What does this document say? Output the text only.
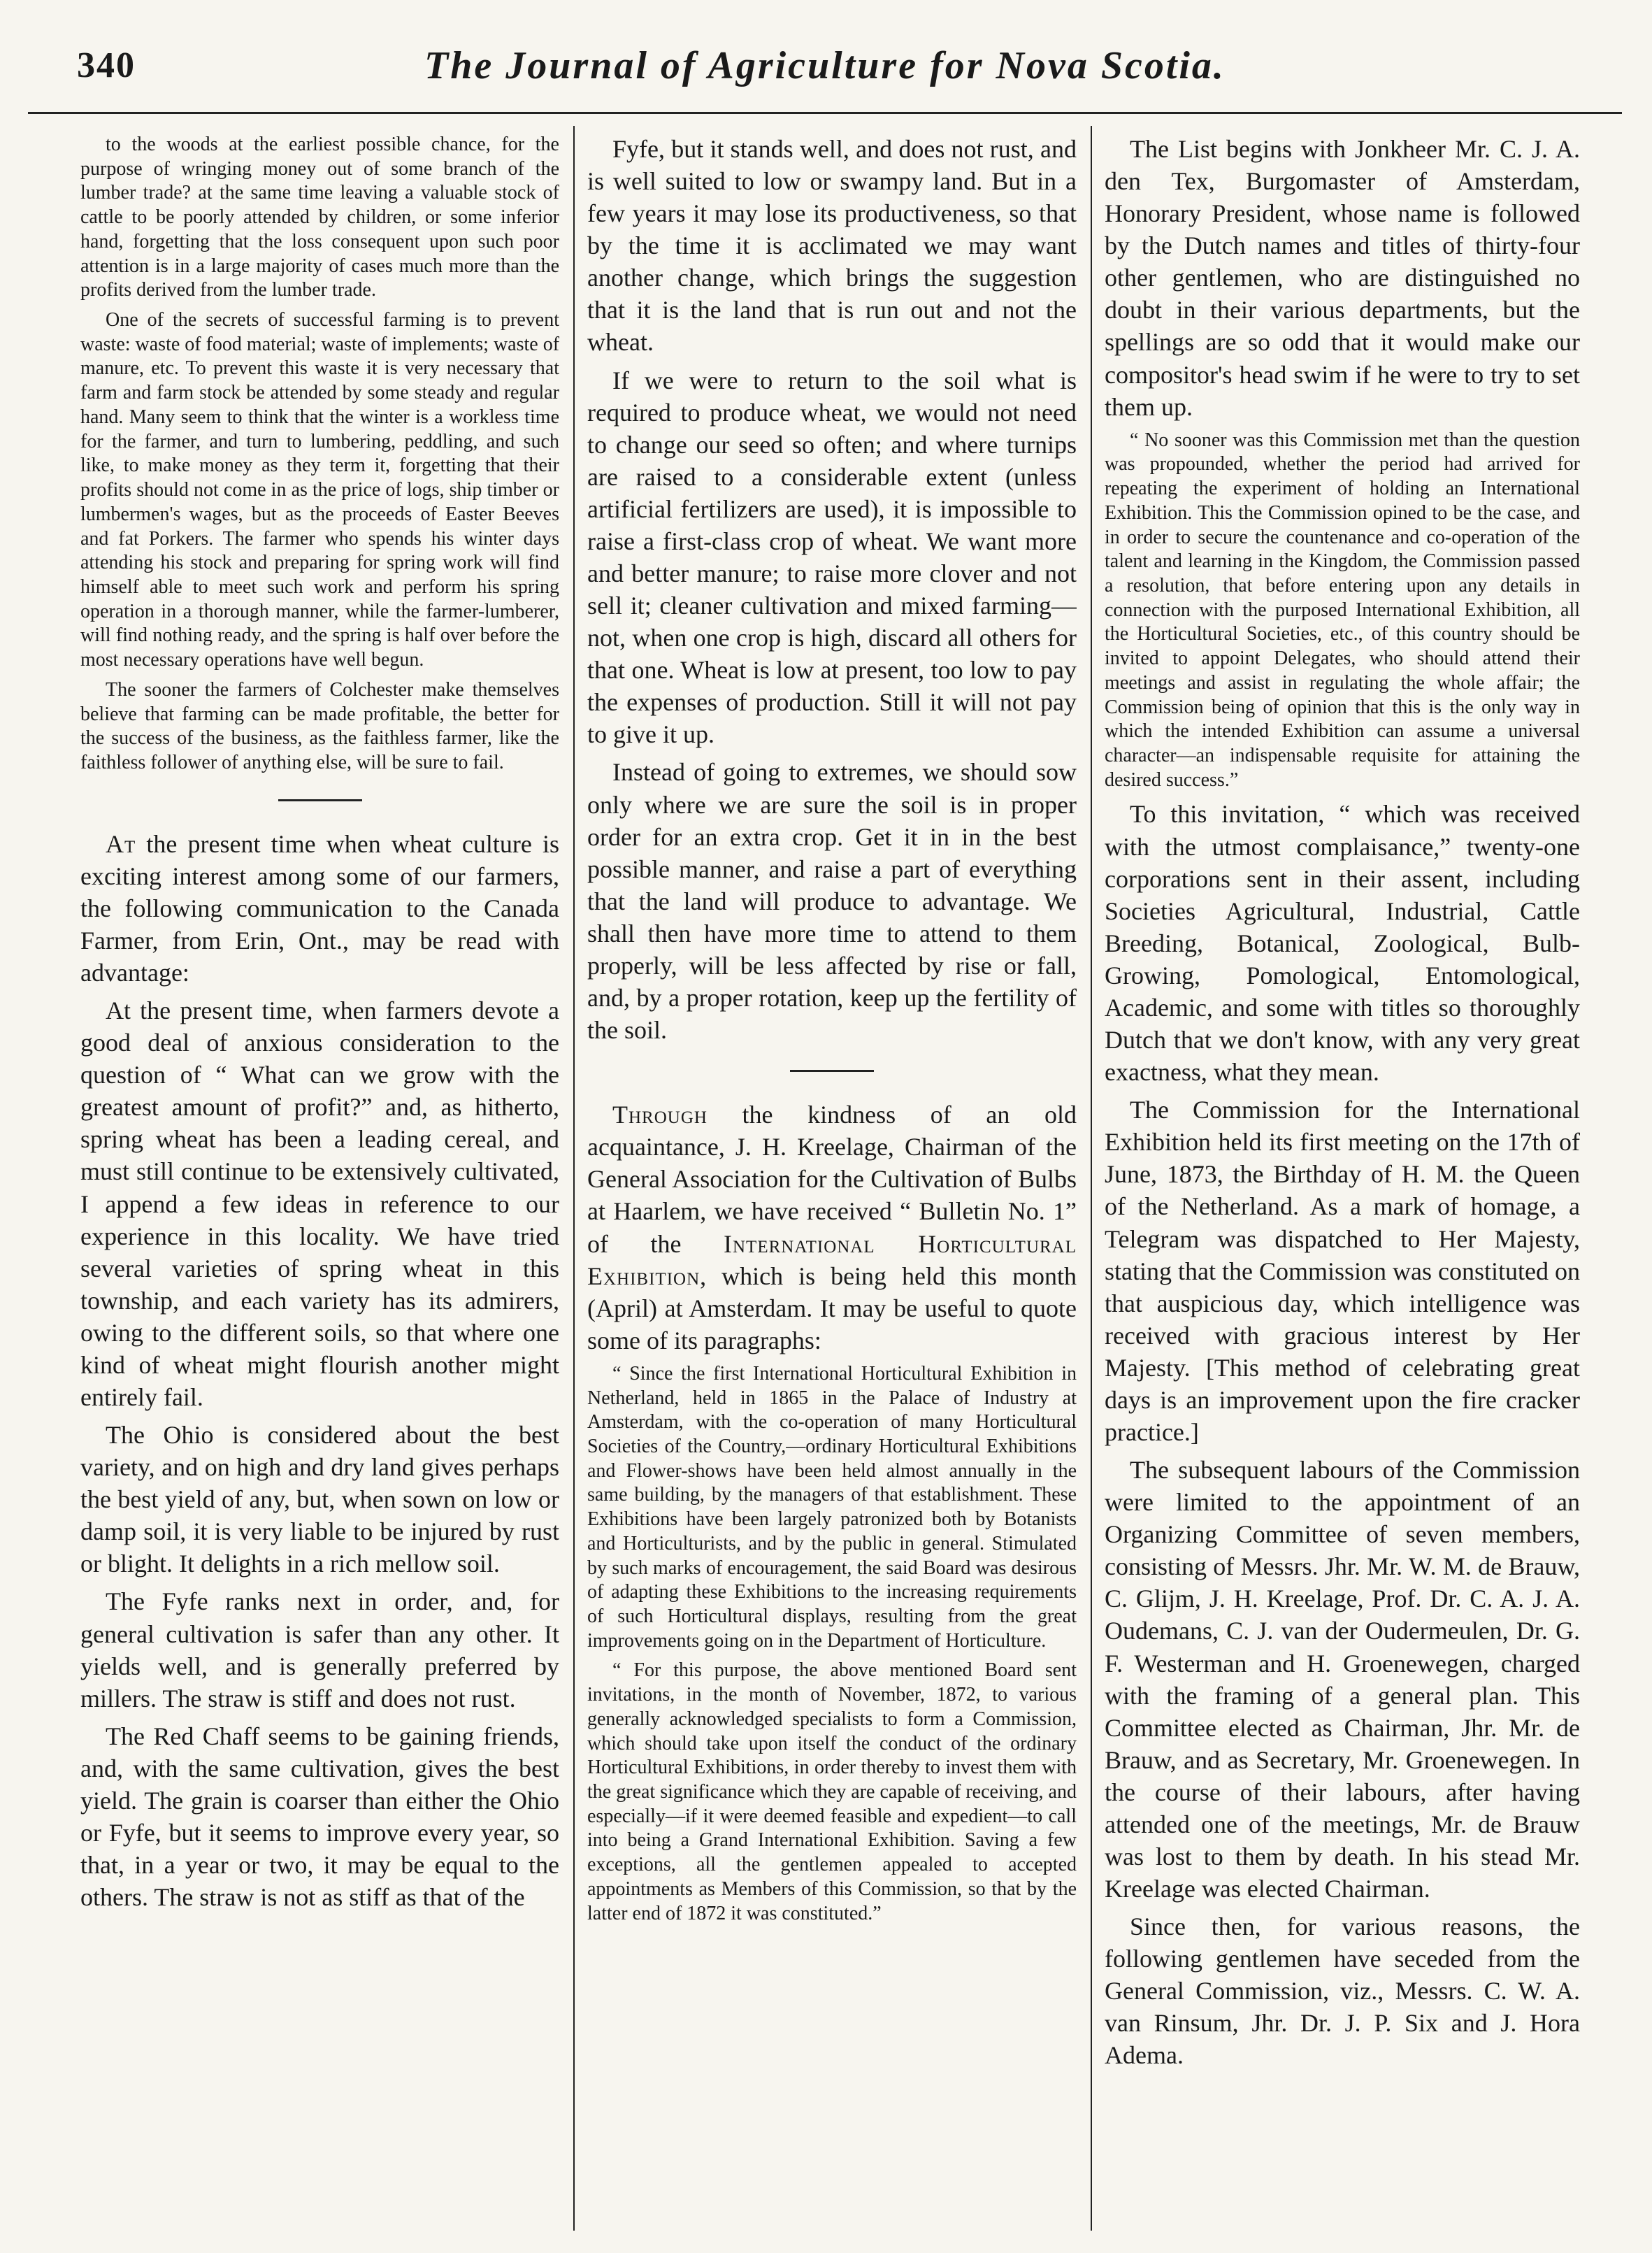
340	The Journal of Agriculture for Nova Scotia.

to the woods at the earliest possible chance, for the purpose of wringing money out of some branch of the lumber trade? at the same time leaving a valuable stock of cattle to be poorly attended by children, or some inferior hand, forgetting that the loss consequent upon such poor attention is in a large majority of cases much more than the profits derived from the lumber trade.

One of the secrets of successful farming is to prevent waste: waste of food material; waste of implements; waste of manure, etc. To prevent this waste it is very necessary that farm and farm stock be attended by some steady and regular hand. Many seem to think that the winter is a workless time for the farmer, and turn to lumbering, peddling, and such like, to make money as they term it, forgetting that their profits should not come in as the price of logs, ship timber or lumbermen's wages, but as the proceeds of Easter Beeves and fat Porkers. The farmer who spends his winter days attending his stock and preparing for spring work will find himself able to meet such work and perform his spring operation in a thorough manner, while the farmer-lumberer, will find nothing ready, and the spring is half over before the most necessary operations have well begun.

The sooner the farmers of Colchester make themselves believe that farming can be made profitable, the better for the success of the business, as the faithless farmer, like the faithless follower of anything else, will be sure to fail.

At the present time when wheat culture is exciting interest among some of our farmers, the following communication to the Canada Farmer, from Erin, Ont., may be read with advantage:

At the present time, when farmers devote a good deal of anxious consideration to the question of “ What can we grow with the greatest amount of profit?” and, as hitherto, spring wheat has been a leading cereal, and must still continue to be extensively cultivated, I append a few ideas in reference to our experience in this locality. We have tried several varieties of spring wheat in this township, and each variety has its admirers, owing to the different soils, so that where one kind of wheat might flourish another might entirely fail.

The Ohio is considered about the best variety, and on high and dry land gives perhaps the best yield of any, but, when sown on low or damp soil, it is very liable to be injured by rust or blight. It delights in a rich mellow soil.

The Fyfe ranks next in order, and, for general cultivation is safer than any other. It yields well, and is generally preferred by millers. The straw is stiff and does not rust.

The Red Chaff seems to be gaining friends, and, with the same cultivation, gives the best yield. The grain is coarser than either the Ohio or Fyfe, but it seems to improve every year, so that, in a year or two, it may be equal to the others. The straw is not as stiff as that of the

Fyfe, but it stands well, and does not rust, and is well suited to low or swampy land. But in a few years it may lose its productiveness, so that by the time it is acclimated we may want another change, which brings the suggestion that it is the land that is run out and not the wheat.

If we were to return to the soil what is required to produce wheat, we would not need to change our seed so often; and where turnips are raised to a considerable extent (unless artificial fertilizers are used), it is impossible to raise a first-class crop of wheat. We want more and better manure; to raise more clover and not sell it; cleaner cultivation and mixed farming—not, when one crop is high, discard all others for that one. Wheat is low at present, too low to pay the expenses of production. Still it will not pay to give it up.

Instead of going to extremes, we should sow only where we are sure the soil is in proper order for an extra crop. Get it in in the best possible manner, and raise a part of everything that the land will produce to advantage. We shall then have more time to attend to them properly, will be less affected by rise or fall, and, by a proper rotation, keep up the fertility of the soil.

Through the kindness of an old acquaintance, J. H. Kreelage, Chairman of the General Association for the Cultivation of Bulbs at Haarlem, we have received “ Bulletin No. 1” of the International Horticultural Exhibition, which is being held this month (April) at Amsterdam. It may be useful to quote some of its paragraphs:

“ Since the first International Horticultural Exhibition in Netherland, held in 1865 in the Palace of Industry at Amsterdam, with the co-operation of many Horticultural Societies of the Country,—ordinary Horticultural Exhibitions and Flower-shows have been held almost annually in the same building, by the managers of that establishment. These Exhibitions have been largely patronized both by Botanists and Horticulturists, and by the public in general. Stimulated by such marks of encouragement, the said Board was desirous of adapting these Exhibitions to the increasing requirements of such Horticultural displays, resulting from the great improvements going on in the Department of Horticulture.

“ For this purpose, the above mentioned Board sent invitations, in the month of November, 1872, to various generally acknowledged specialists to form a Commission, which should take upon itself the conduct of the ordinary Horticultural Exhibitions, in order thereby to invest them with the great significance which they are capable of receiving, and especially—if it were deemed feasible and expedient—to call into being a Grand International Exhibition. Saving a few exceptions, all the gentlemen appealed to accepted appointments as Members of this Commission, so that by the latter end of 1872 it was constituted.”

The List begins with Jonkheer Mr. C. J. A. den Tex, Burgomaster of Amsterdam, Honorary President, whose name is followed by the Dutch names and titles of thirty-four other gentlemen, who are distinguished no doubt in their various departments, but the spellings are so odd that it would make our compositor's head swim if he were to try to set them up.

“ No sooner was this Commission met than the question was propounded, whether the period had arrived for repeating the experiment of holding an International Exhibition. This the Commission opined to be the case, and in order to secure the countenance and co-operation of the talent and learning in the Kingdom, the Commission passed a resolution, that before entering upon any details in connection with the purposed International Exhibition, all the Horticultural Societies, etc., of this country should be invited to appoint Delegates, who should attend their meetings and assist in regulating the whole affair; the Commission being of opinion that this is the only way in which the intended Exhibition can assume a universal character—an indispensable requisite for attaining the desired success.”

To this invitation, “ which was received with the utmost complaisance,” twenty-one corporations sent in their assent, including Societies Agricultural, Industrial, Cattle Breeding, Botanical, Zoological, Bulb-Growing, Pomological, Entomological, Academic, and some with titles so thoroughly Dutch that we don't know, with any very great exactness, what they mean.

The Commission for the International Exhibition held its first meeting on the 17th of June, 1873, the Birthday of H. M. the Queen of the Netherland. As a mark of homage, a Telegram was dispatched to Her Majesty, stating that the Commission was constituted on that auspicious day, which intelligence was received with gracious interest by Her Majesty. [This method of celebrating great days is an improvement upon the fire cracker practice.]

The subsequent labours of the Commission were limited to the appointment of an Organizing Committee of seven members, consisting of Messrs. Jhr. Mr. W. M. de Brauw, C. Glijm, J. H. Kreelage, Prof. Dr. C. A. J. A. Oudemans, C. J. van der Oudermeulen, Dr. G. F. Westerman and H. Groenewegen, charged with the framing of a general plan. This Committee elected as Chairman, Jhr. Mr. de Brauw, and as Secretary, Mr. Groenewegen. In the course of their labours, after having attended one of the meetings, Mr. de Brauw was lost to them by death. In his stead Mr. Kreelage was elected Chairman.

Since then, for various reasons, the following gentlemen have seceded from the General Commission, viz., Messrs. C. W. A. van Rinsum, Jhr. Dr. J. P. Six and J. Hora Adema.
